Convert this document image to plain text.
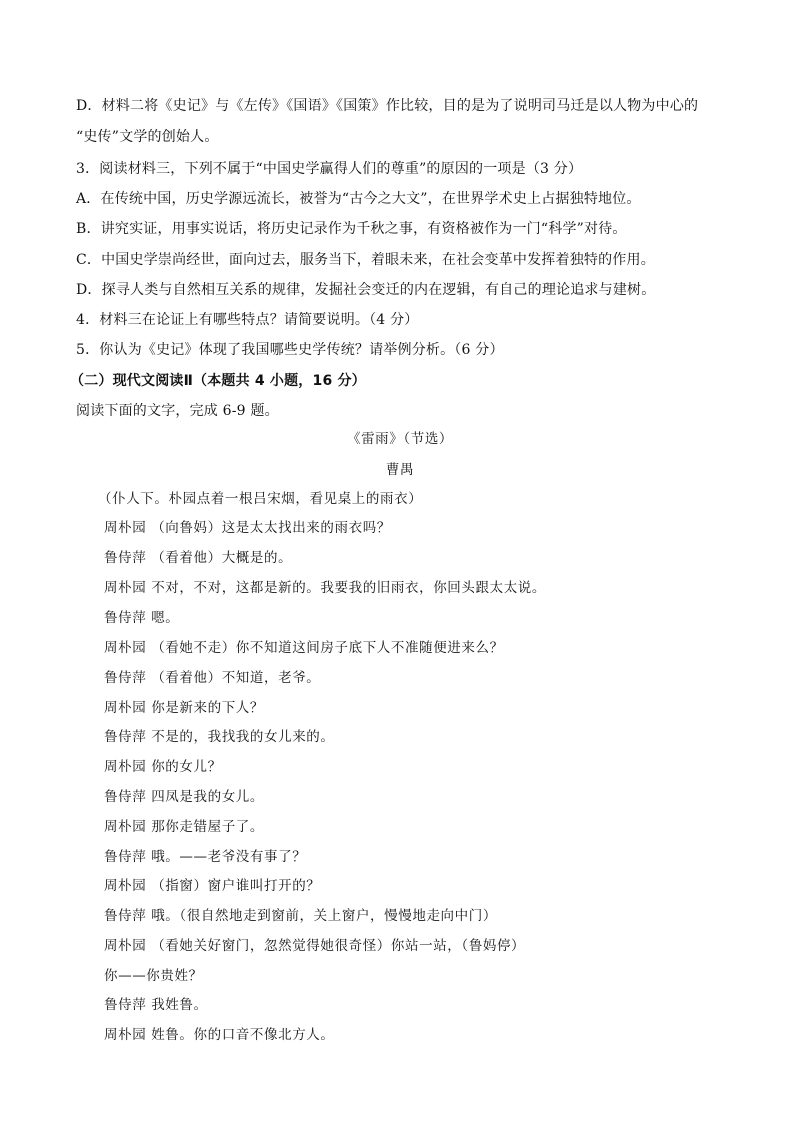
D．材料二将《史记》与《左传》《国语》《国策》作比较，目的是为了说明司马迁是以人物为中心的
“史传”文学的创始人。
3．阅读材料三，下列不属于“中国史学赢得人们的尊重”的原因的一项是（3 分）
A．在传统中国，历史学源远流长，被誉为“古今之大文”，在世界学术史上占据独特地位。
B．讲究实证，用事实说话，将历史记录作为千秋之事，有资格被作为一门“科学”对待。
C．中国史学崇尚经世，面向过去，服务当下，着眼未来，在社会变革中发挥着独特的作用。
D．探寻人类与自然相互关系的规律，发掘社会变迁的内在逻辑，有自己的理论追求与建树。
4．材料三在论证上有哪些特点？请简要说明。（4 分）
5．你认为《史记》体现了我国哪些史学传统？请举例分析。（6 分）
（二）现代文阅读Ⅱ（本题共 4 小题，16 分）
阅读下面的文字，完成 6-9 题。
《雷雨》（节选）
曹禺
（仆人下。朴园点着一根吕宋烟，看见桌上的雨衣）
周朴园 （向鲁妈）这是太太找出来的雨衣吗？
鲁侍萍 （看着他）大概是的。
周朴园 不对，不对，这都是新的。我要我的旧雨衣，你回头跟太太说。
鲁侍萍 嗯。
周朴园 （看她不走）你不知道这间房子底下人不准随便进来么？
鲁侍萍 （看着他）不知道，老爷。
周朴园 你是新来的下人？
鲁侍萍 不是的，我找我的女儿来的。
周朴园 你的女儿？
鲁侍萍 四凤是我的女儿。
周朴园 那你走错屋子了。
鲁侍萍 哦。——老爷没有事了？
周朴园 （指窗）窗户谁叫打开的？
鲁侍萍 哦。（很自然地走到窗前，关上窗户，慢慢地走向中门）
周朴园 （看她关好窗门，忽然觉得她很奇怪）你站一站，（鲁妈停）
你——你贵姓？
鲁侍萍 我姓鲁。
周朴园 姓鲁。你的口音不像北方人。
